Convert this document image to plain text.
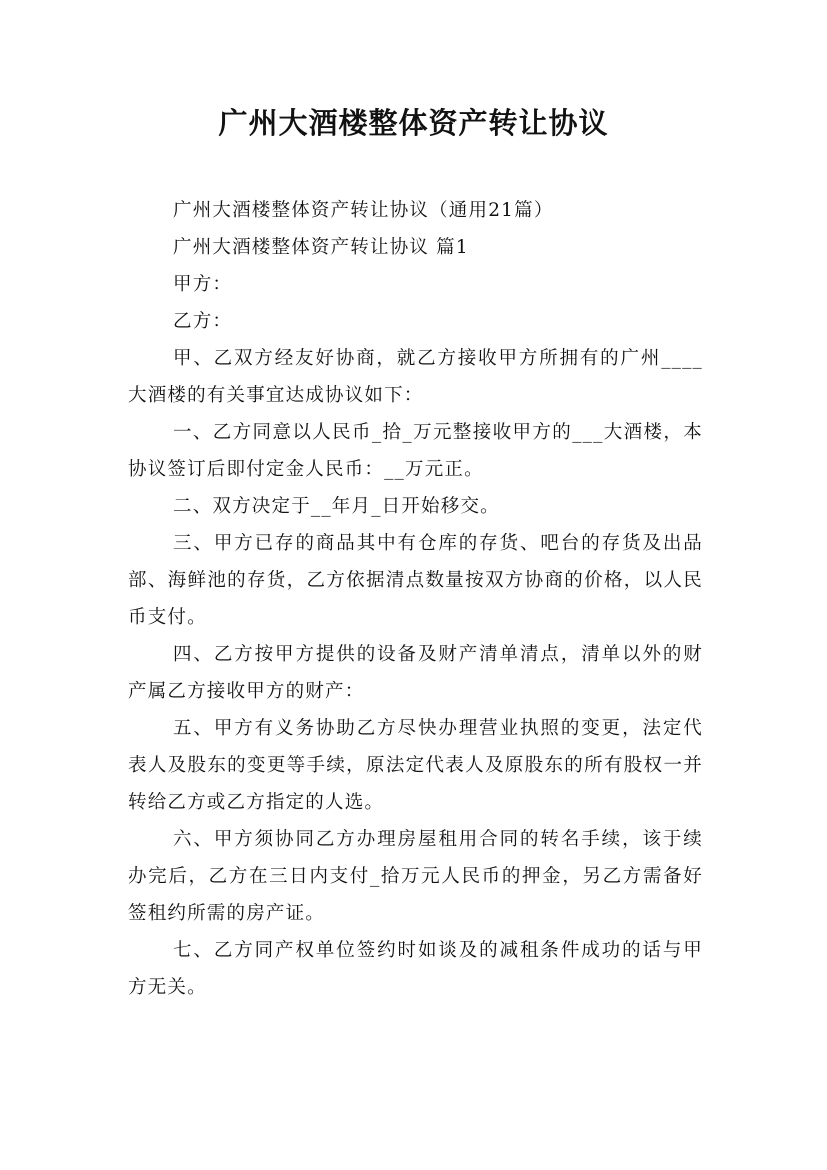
广州大酒楼整体资产转让协议

广州大酒楼整体资产转让协议（通用21篇）

广州大酒楼整体资产转让协议 篇1

甲方：

乙方：

甲、乙双方经友好协商，就乙方接收甲方所拥有的广州____大酒楼的有关事宜达成协议如下：

一、乙方同意以人民币_拾_万元整接收甲方的___大酒楼，本协议签订后即付定金人民币：__万元正。

二、双方决定于__年月_日开始移交。

三、甲方已存的商品其中有仓库的存货、吧台的存货及出品部、海鲜池的存货，乙方依据清点数量按双方协商的价格，以人民币支付。

四、乙方按甲方提供的设备及财产清单清点，清单以外的财产属乙方接收甲方的财产：

五、甲方有义务协助乙方尽快办理营业执照的变更，法定代表人及股东的变更等手续，原法定代表人及原股东的所有股权一并转给乙方或乙方指定的人选。

六、甲方须协同乙方办理房屋租用合同的转名手续，该于续办完后，乙方在三日内支付_拾万元人民币的押金，另乙方需备好签租约所需的房产证。

七、乙方同产权单位签约时如谈及的减租条件成功的话与甲方无关。
